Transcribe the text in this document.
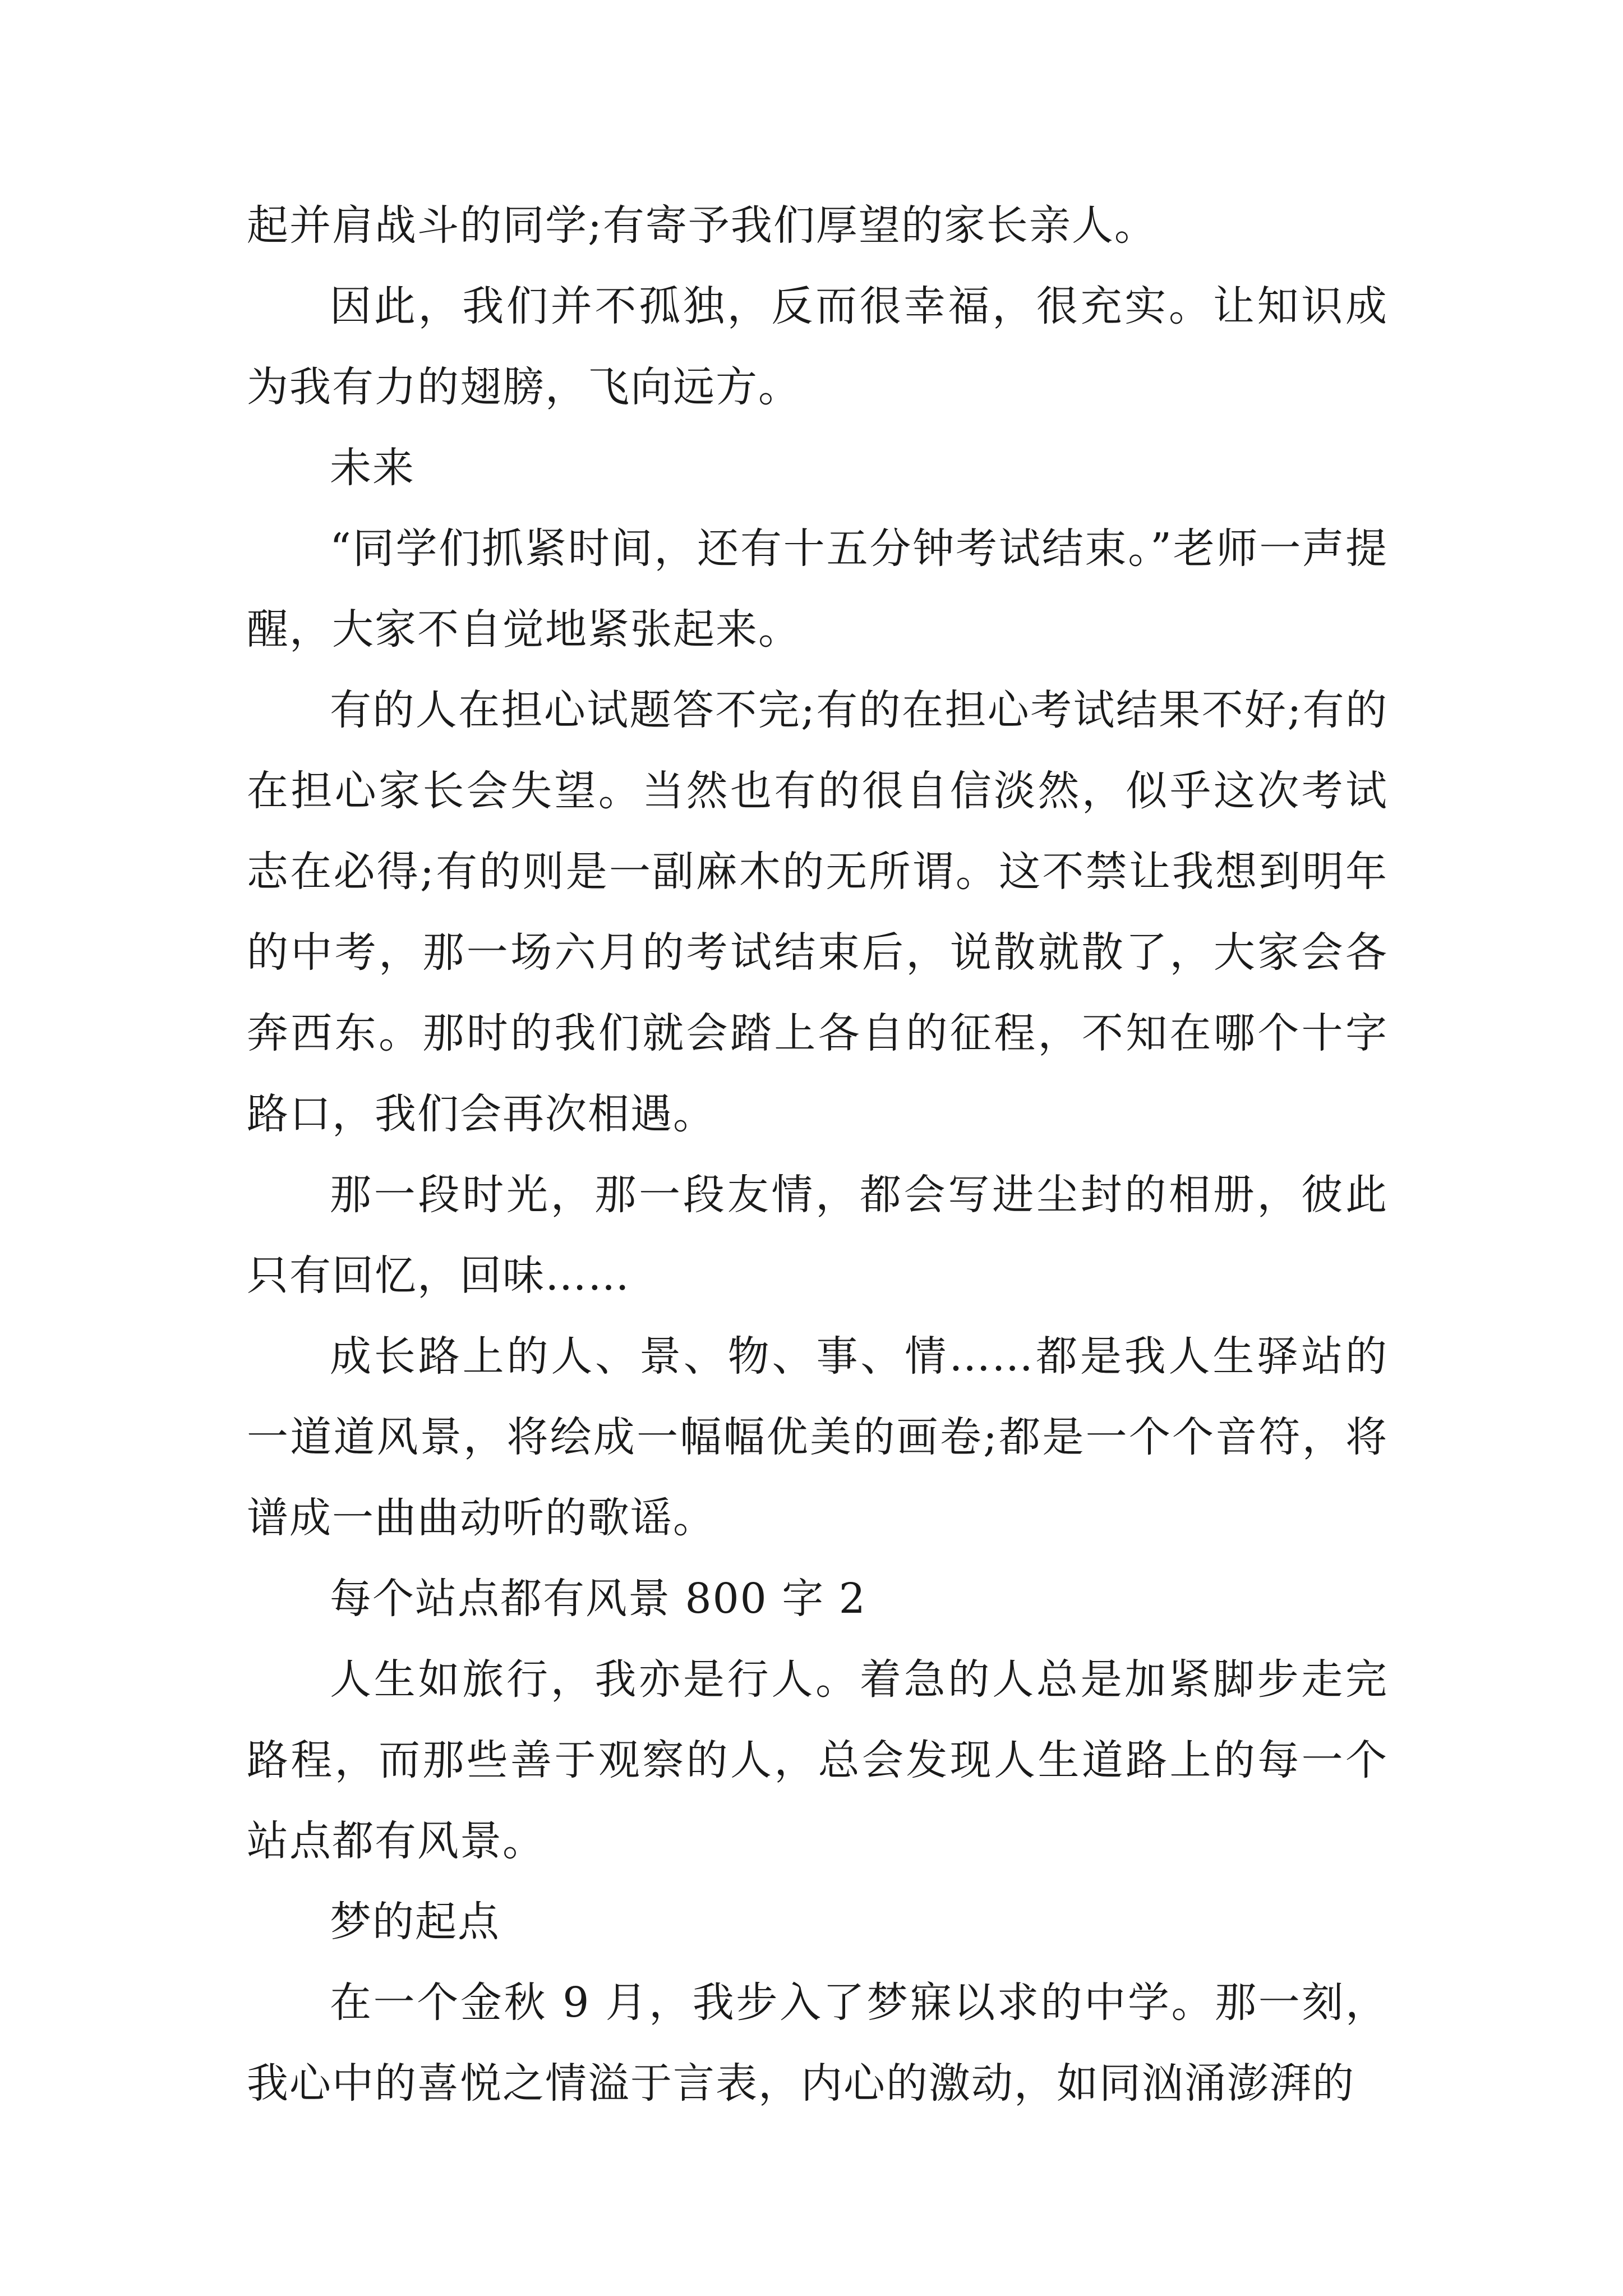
起并肩战斗的同学;有寄予我们厚望的家长亲人。

因此，我们并不孤独，反而很幸福，很充实。让知识成为我有力的翅膀，飞向远方。

未来

“同学们抓紧时间，还有十五分钟考试结束。”老师一声提醒，大家不自觉地紧张起来。

有的人在担心试题答不完;有的在担心考试结果不好;有的在担心家长会失望。当然也有的很自信淡然，似乎这次考试志在必得;有的则是一副麻木的无所谓。这不禁让我想到明年的中考，那一场六月的考试结束后，说散就散了，大家会各奔西东。那时的我们就会踏上各自的征程，不知在哪个十字路口，我们会再次相遇。

那一段时光，那一段友情，都会写进尘封的相册，彼此只有回忆，回味……

成长路上的人、景、物、事、情……都是我人生驿站的一道道风景，将绘成一幅幅优美的画卷;都是一个个音符，将谱成一曲曲动听的歌谣。

每个站点都有风景 800 字 2

人生如旅行，我亦是行人。着急的人总是加紧脚步走完路程，而那些善于观察的人，总会发现人生道路上的每一个站点都有风景。

梦的起点

在一个金秋 9 月，我步入了梦寐以求的中学。那一刻，我心中的喜悦之情溢于言表，内心的激动，如同汹涌澎湃的
